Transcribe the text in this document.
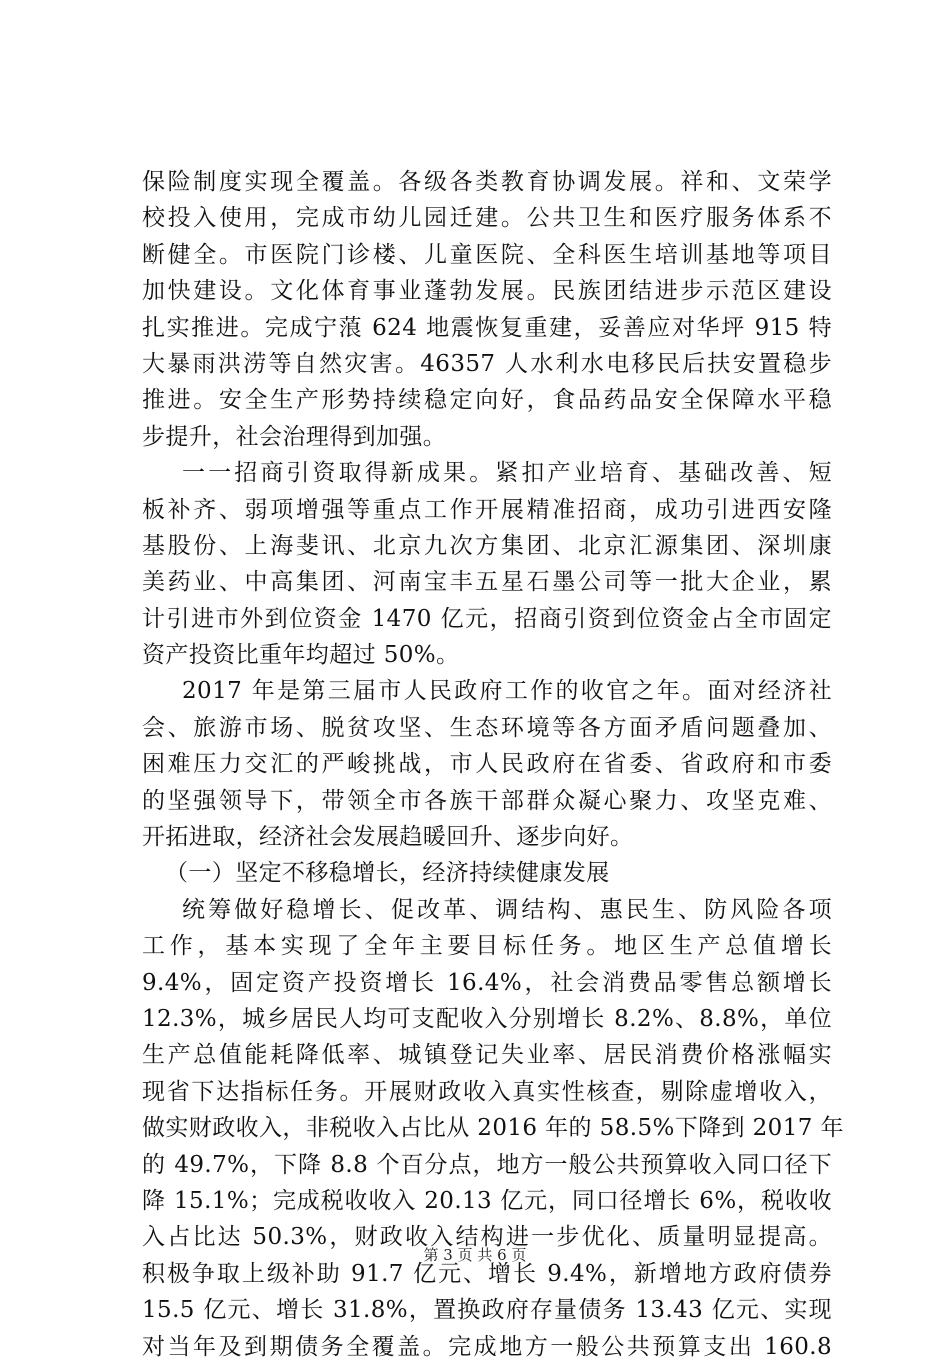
保险制度实现全覆盖。各级各类教育协调发展。祥和、文荣学
校投入使用，完成市幼儿园迁建。公共卫生和医疗服务体系不
断健全。市医院门诊楼、儿童医院、全科医生培训基地等项目
加快建设。文化体育事业蓬勃发展。民族团结进步示范区建设
扎实推进。完成宁蒗 624 地震恢复重建，妥善应对华坪 915 特
大暴雨洪涝等自然灾害。46357 人水利水电移民后扶安置稳步
推进。安全生产形势持续稳定向好，食品药品安全保障水平稳
步提升，社会治理得到加强。
一一招商引资取得新成果。紧扣产业培育、基础改善、短
板补齐、弱项增强等重点工作开展精准招商，成功引进西安隆
基股份、上海斐讯、北京九次方集团、北京汇源集团、深圳康
美药业、中高集团、河南宝丰五星石墨公司等一批大企业，累
计引进市外到位资金 1470 亿元，招商引资到位资金占全市固定
资产投资比重年均超过 50%。
2017 年是第三届市人民政府工作的收官之年。面对经济社
会、旅游市场、脱贫攻坚、生态环境等各方面矛盾问题叠加、
困难压力交汇的严峻挑战，市人民政府在省委、省政府和市委
的坚强领导下，带领全市各族干部群众凝心聚力、攻坚克难、
开拓进取，经济社会发展趋暖回升、逐步向好。
（一）坚定不移稳增长，经济持续健康发展
统筹做好稳增长、促改革、调结构、惠民生、防风险各项
工作，基本实现了全年主要目标任务。地区生产总值增长
9.4%，固定资产投资增长 16.4%，社会消费品零售总额增长
12.3%，城乡居民人均可支配收入分别增长 8.2%、8.8%，单位
生产总值能耗降低率、城镇登记失业率、居民消费价格涨幅实
现省下达指标任务。开展财政收入真实性核查，剔除虚增收入，
做实财政收入，非税收入占比从 2016 年的 58.5%下降到 2017 年
的 49.7%，下降 8.8 个百分点，地方一般公共预算收入同口径下
降 15.1%；完成税收收入 20.13 亿元，同口径增长 6%，税收收
入占比达 50.3%，财政收入结构进一步优化、质量明显提高。
积极争取上级补助 91.7 亿元、增长 9.4%，新增地方政府债券
15.5 亿元、增长 31.8%，置换政府存量债务 13.43 亿元、实现
对当年及到期债务全覆盖。完成地方一般公共预算支出 160.8
第 3 页 共 6 页
